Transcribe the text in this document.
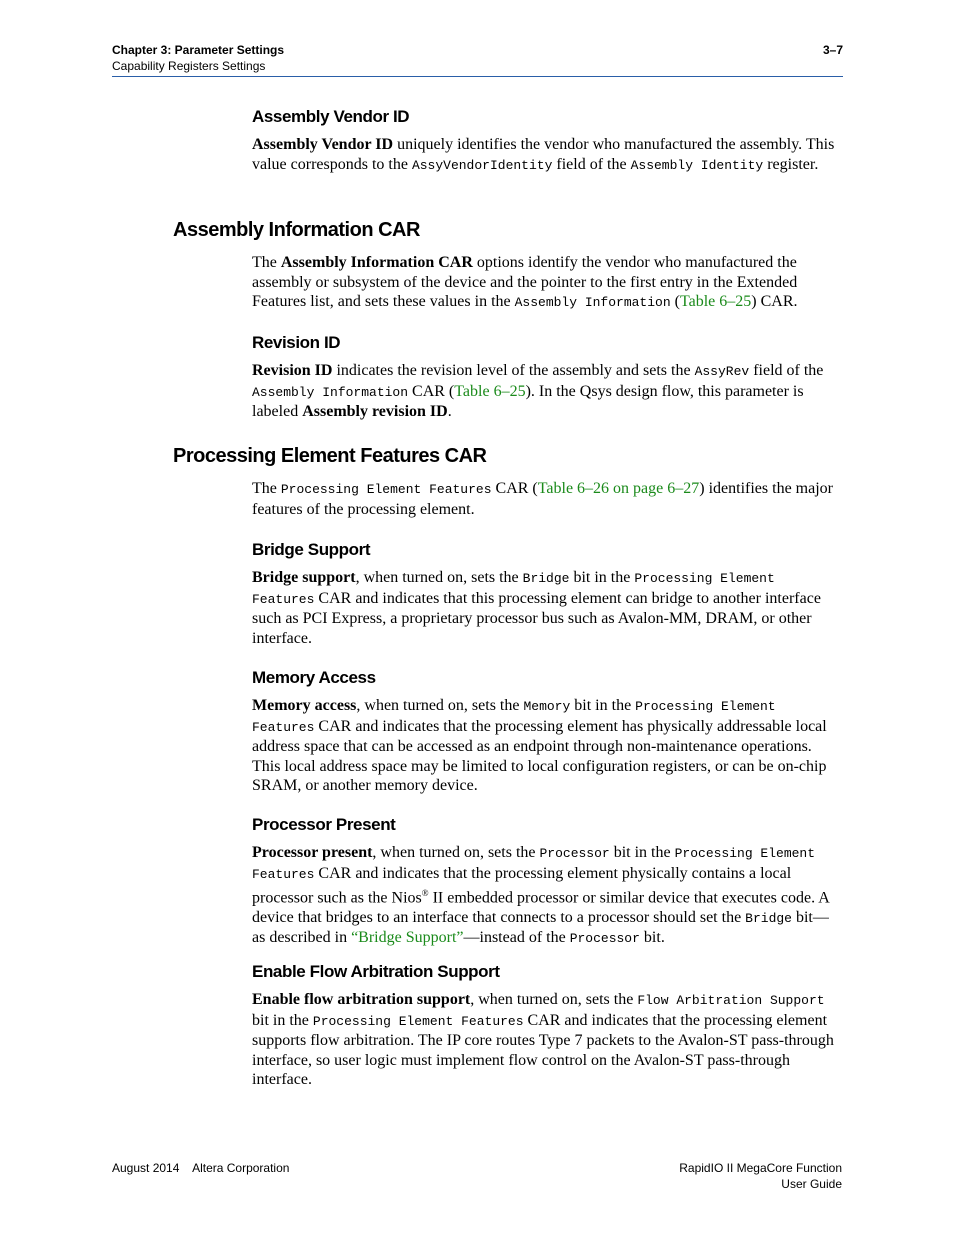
Chapter 3: Parameter Settings
Capability Registers Settings
3–7
Assembly Vendor ID

Assembly Vendor ID uniquely identifies the vendor who manufactured the assembly. This value corresponds to the AssyVendorIdentity field of the Assembly Identity register.

Assembly Information CAR

The Assembly Information CAR options identify the vendor who manufactured the assembly or subsystem of the device and the pointer to the first entry in the Extended Features list, and sets these values in the Assembly Information (Table 6–25) CAR.

Revision ID

Revision ID indicates the revision level of the assembly and sets the AssyRev field of the Assembly Information CAR (Table 6–25). In the Qsys design flow, this parameter is labeled Assembly revision ID.

Processing Element Features CAR

The Processing Element Features CAR (Table 6–26 on page 6–27) identifies the major features of the processing element.

Bridge Support

Bridge support, when turned on, sets the Bridge bit in the Processing Element Features CAR and indicates that this processing element can bridge to another interface such as PCI Express, a proprietary processor bus such as Avalon-MM, DRAM, or other interface.

Memory Access

Memory access, when turned on, sets the Memory bit in the Processing Element Features CAR and indicates that the processing element has physically addressable local address space that can be accessed as an endpoint through non-maintenance operations. This local address space may be limited to local configuration registers, or can be on-chip SRAM, or another memory device.

Processor Present

Processor present, when turned on, sets the Processor bit in the Processing Element Features CAR and indicates that the processing element physically contains a local processor such as the Nios® II embedded processor or similar device that executes code. A device that bridges to an interface that connects to a processor should set the Bridge bit—as described in “Bridge Support”—instead of the Processor bit.

Enable Flow Arbitration Support

Enable flow arbitration support, when turned on, sets the Flow Arbitration Support bit in the Processing Element Features CAR and indicates that the processing element supports flow arbitration. The IP core routes Type 7 packets to the Avalon-ST pass-through interface, so user logic must implement flow control on the Avalon-ST pass-through interface.

August 2014    Altera Corporation	RapidIO II MegaCore Function
User Guide
